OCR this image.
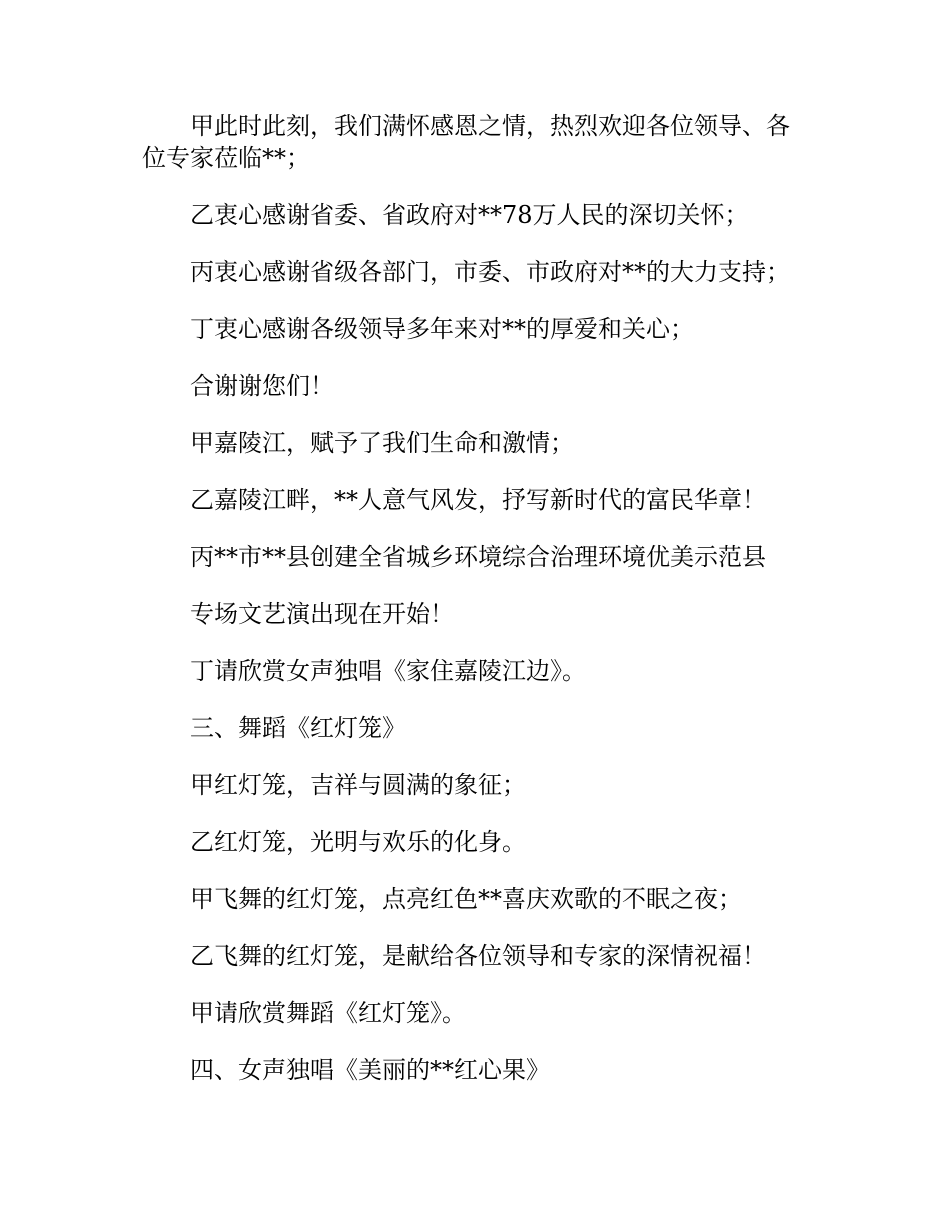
甲此时此刻，我们满怀感恩之情，热烈欢迎各位领导、各位专家莅临**；

乙衷心感谢省委、省政府对**78万人民的深切关怀；

丙衷心感谢省级各部门，市委、市政府对**的大力支持；

丁衷心感谢各级领导多年来对**的厚爱和关心；

合谢谢您们！

甲嘉陵江，赋予了我们生命和激情；

乙嘉陵江畔，**人意气风发，抒写新时代的富民华章！

丙**市**县创建全省城乡环境综合治理环境优美示范县

专场文艺演出现在开始！

丁请欣赏女声独唱《家住嘉陵江边》。

三、舞蹈《红灯笼》

甲红灯笼，吉祥与圆满的象征；

乙红灯笼，光明与欢乐的化身。

甲飞舞的红灯笼，点亮红色**喜庆欢歌的不眠之夜；

乙飞舞的红灯笼，是献给各位领导和专家的深情祝福！

甲请欣赏舞蹈《红灯笼》。

四、女声独唱《美丽的**红心果》
